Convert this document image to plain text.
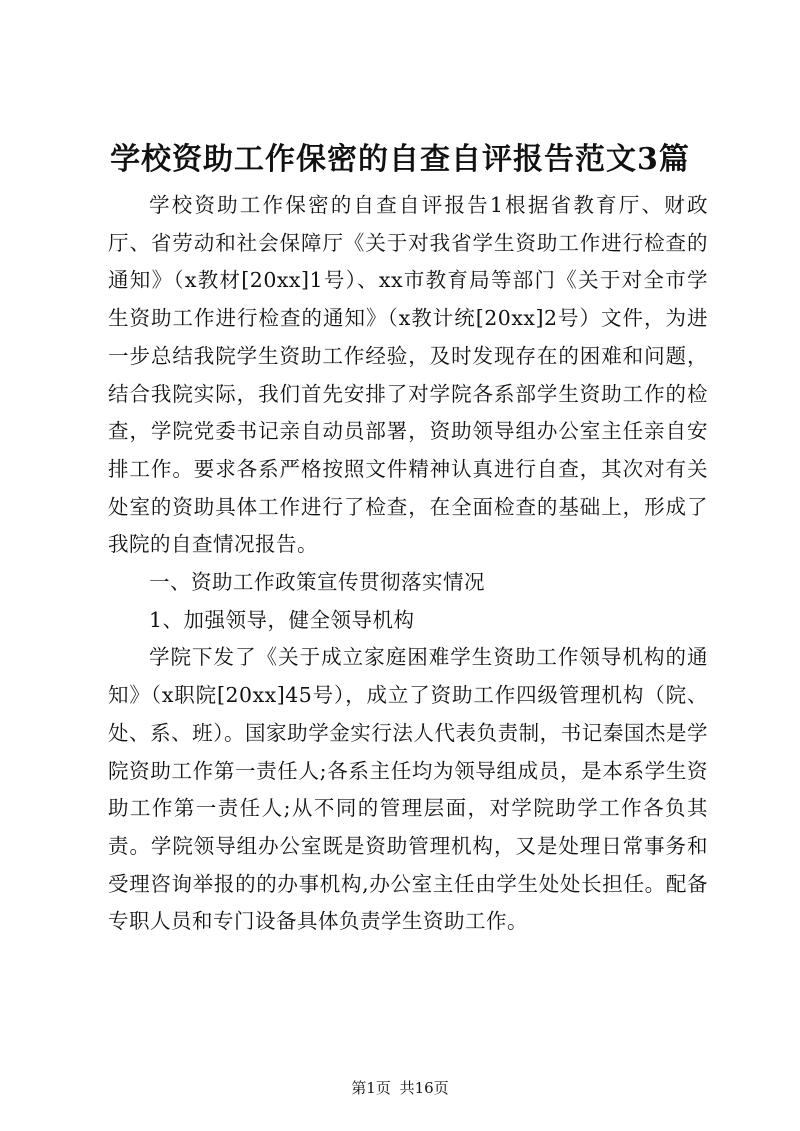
学校资助工作保密的自查自评报告范文3篇

学校资助工作保密的自查自评报告1根据省教育厅、财政厅、省劳动和社会保障厅《关于对我省学生资助工作进行检查的通知》（x教材[20xx]1号）、xx市教育局等部门《关于对全市学生资助工作进行检查的通知》（x教计统[20xx]2号）文件，为进一步总结我院学生资助工作经验，及时发现存在的困难和问题，结合我院实际，我们首先安排了对学院各系部学生资助工作的检查，学院党委书记亲自动员部署，资助领导组办公室主任亲自安排工作。要求各系严格按照文件精神认真进行自查，其次对有关处室的资助具体工作进行了检查，在全面检查的基础上，形成了我院的自查情况报告。

一、资助工作政策宣传贯彻落实情况

1、加强领导，健全领导机构

学院下发了《关于成立家庭困难学生资助工作领导机构的通知》（x职院[20xx]45号），成立了资助工作四级管理机构（院、处、系、班）。国家助学金实行法人代表负责制，书记秦国杰是学院资助工作第一责任人;各系主任均为领导组成员，是本系学生资助工作第一责任人;从不同的管理层面，对学院助学工作各负其责。学院领导组办公室既是资助管理机构，又是处理日常事务和受理咨询举报的的办事机构,办公室主任由学生处处长担任。配备专职人员和专门设备具体负责学生资助工作。

第1页 共16页
